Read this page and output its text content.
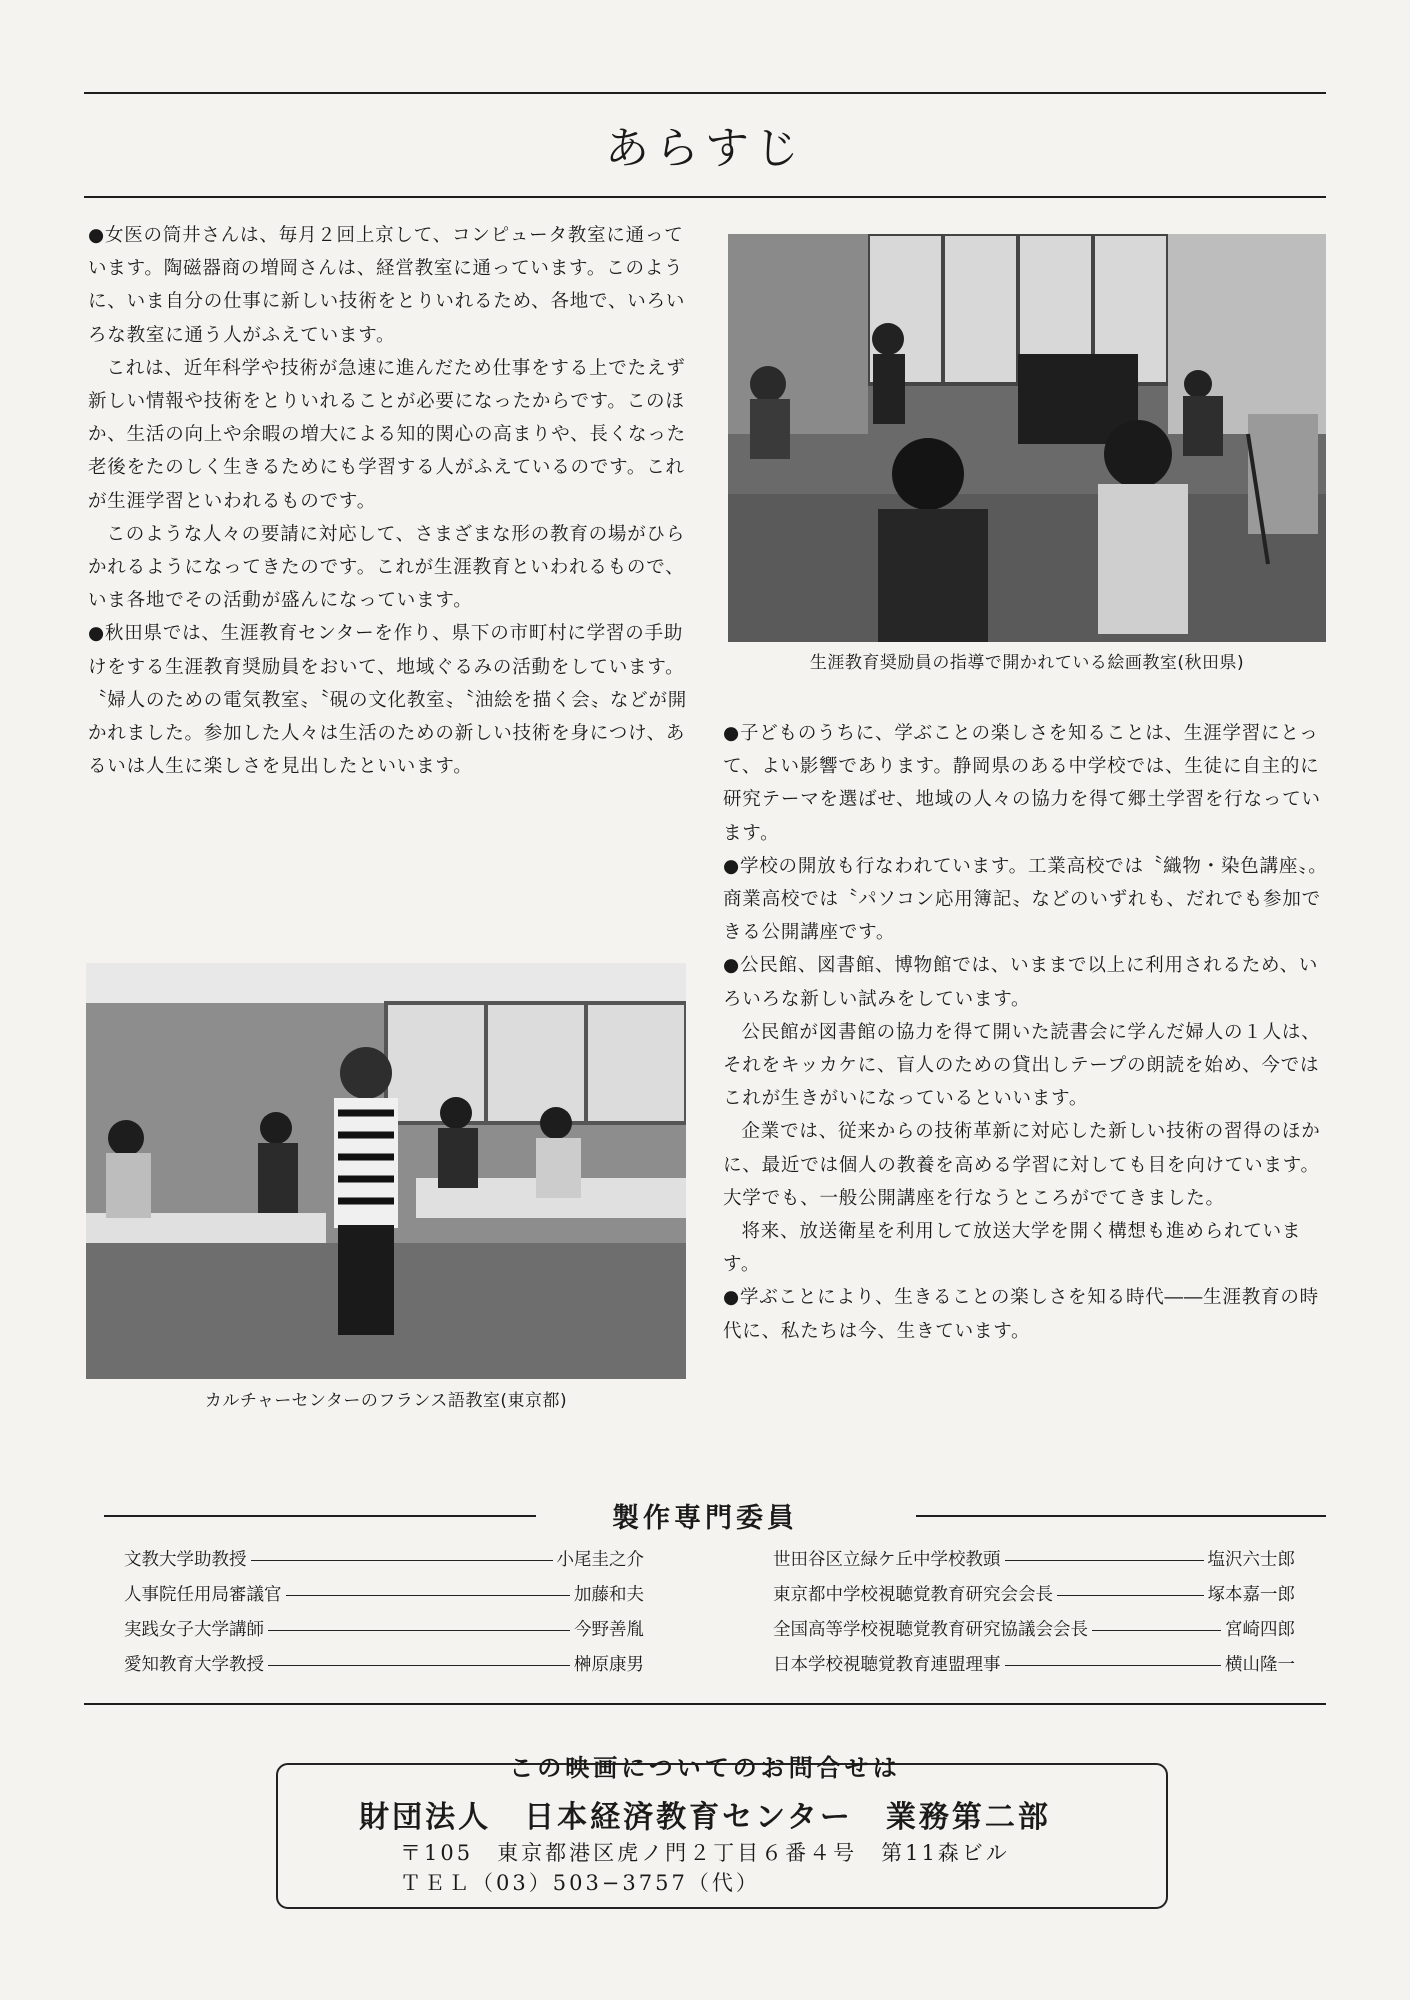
あらすじ

●女医の筒井さんは、毎月２回上京して、コンピュータ教室に通っています。陶磁器商の増岡さんは、経営教室に通っています。このように、いま自分の仕事に新しい技術をとりいれるため、各地で、いろいろな教室に通う人がふえています。

これは、近年科学や技術が急速に進んだため仕事をする上でたえず新しい情報や技術をとりいれることが必要になったからです。このほか、生活の向上や余暇の増大による知的関心の高まりや、長くなった老後をたのしく生きるためにも学習する人がふえているのです。これが生涯学習といわれるものです。

このような人々の要請に対応して、さまざまな形の教育の場がひらかれるようになってきたのです。これが生涯教育といわれるもので、いま各地でその活動が盛んになっています。

●秋田県では、生涯教育センターを作り、県下の市町村に学習の手助けをする生涯教育奨励員をおいて、地域ぐるみの活動をしています。〝婦人のための電気教室〟〝硯の文化教室〟〝油絵を描く会〟などが開かれました。参加した人々は生活のための新しい技術を身につけ、あるいは人生に楽しさを見出したといいます。

生涯教育奨励員の指導で開かれている絵画教室(秋田県)

●子どものうちに、学ぶことの楽しさを知ることは、生涯学習にとって、よい影響であります。静岡県のある中学校では、生徒に自主的に研究テーマを選ばせ、地域の人々の協力を得て郷土学習を行なっています。

●学校の開放も行なわれています。工業高校では〝織物・染色講座〟。商業高校では〝パソコン応用簿記〟などのいずれも、だれでも参加できる公開講座です。

●公民館、図書館、博物館では、いままで以上に利用されるため、いろいろな新しい試みをしています。

公民館が図書館の協力を得て開いた読書会に学んだ婦人の１人は、それをキッカケに、盲人のための貸出しテープの朗読を始め、今ではこれが生きがいになっているといいます。

企業では、従来からの技術革新に対応した新しい技術の習得のほかに、最近では個人の教養を高める学習に対しても目を向けています。大学でも、一般公開講座を行なうところがでてきました。

将来、放送衛星を利用して放送大学を開く構想も進められています。

●学ぶことにより、生きることの楽しさを知る時代――生涯教育の時代に、私たちは今、生きています。

カルチャーセンターのフランス語教室(東京都)
製作専門委員
文教大学助教授	小尾圭之介
人事院任用局審議官	加藤和夫
実践女子大学講師	今野善胤
愛知教育大学教授	榊原康男
世田谷区立緑ケ丘中学校教頭	塩沢六士郎
東京都中学校視聴覚教育研究会会長	塚本嘉一郎
全国高等学校視聴覚教育研究協議会会長	宮崎四郎
日本学校視聴覚教育連盟理事	横山隆一
この映画についてのお問合せは
財団法人　日本経済教育センター　業務第二部
〒105　東京都港区虎ノ門２丁目６番４号　第11森ビル
ＴＥＬ（03）503−3757（代）
